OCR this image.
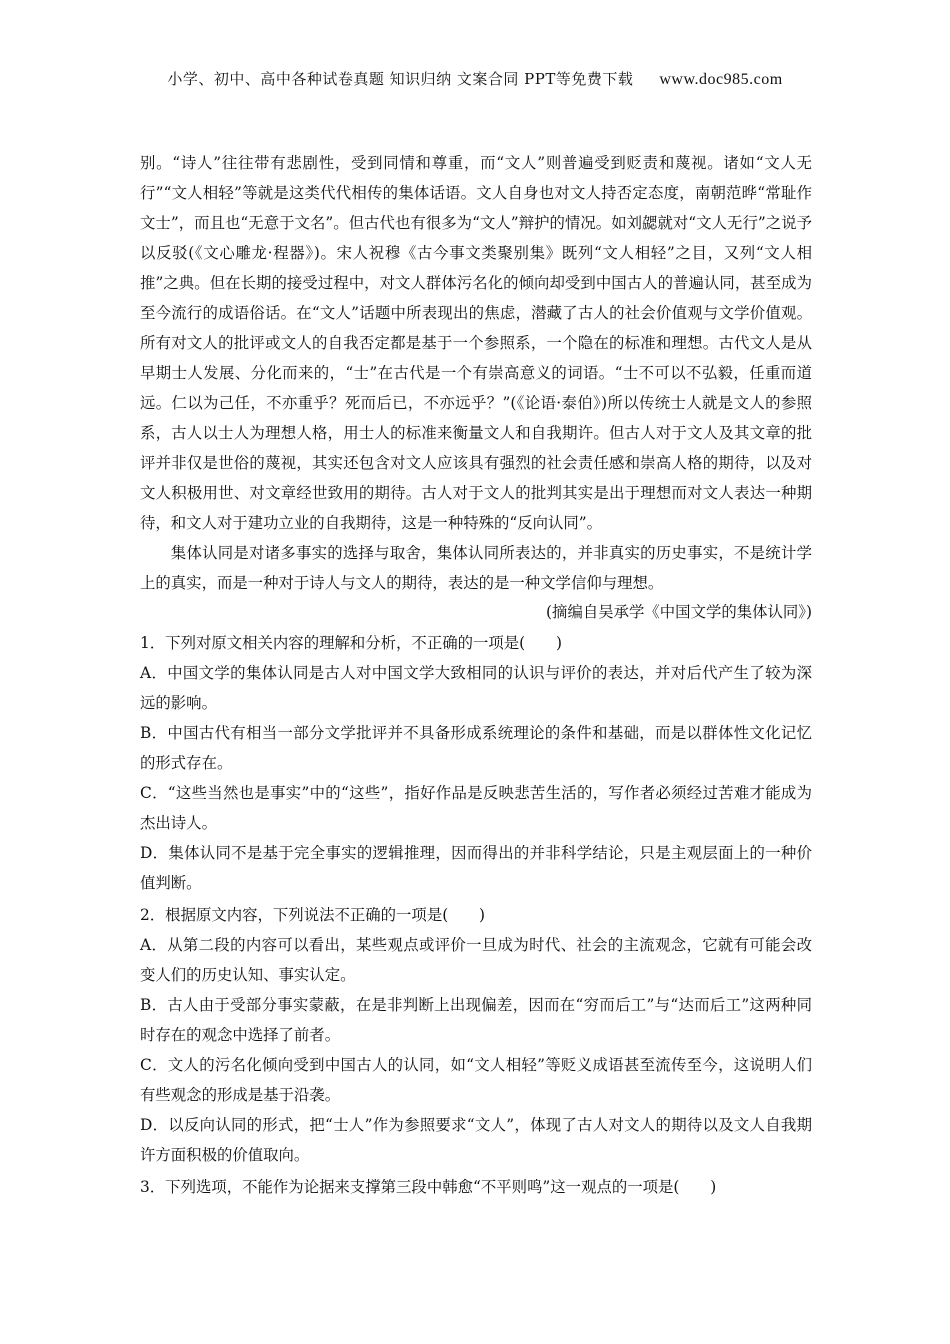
小学、初中、高中各种试卷真题 知识归纳 文案合同 PPT等免费下载 www.doc985.com

别。“诗人”往往带有悲剧性，受到同情和尊重，而“文人”则普遍受到贬责和蔑视。诸如“文人无行”“文人相轻”等就是这类代代相传的集体话语。文人自身也对文人持否定态度，南朝范晔“常耻作文士”，而且也“无意于文名”。但古代也有很多为“文人”辩护的情况。如刘勰就对“文人无行”之说予以反驳(《文心雕龙·程器》)。宋人祝穆《古今事文类聚别集》既列“文人相轻”之目，又列“文人相推”之典。但在长期的接受过程中，对文人群体污名化的倾向却受到中国古人的普遍认同，甚至成为至今流行的成语俗话。在“文人”话题中所表现出的焦虑，潜藏了古人的社会价值观与文学价值观。所有对文人的批评或文人的自我否定都是基于一个参照系，一个隐在的标准和理想。古代文人是从早期士人发展、分化而来的，“士”在古代是一个有崇高意义的词语。“士不可以不弘毅，任重而道远。仁以为己任，不亦重乎？死而后已，不亦远乎？”(《论语·泰伯》)所以传统士人就是文人的参照系，古人以士人为理想人格，用士人的标准来衡量文人和自我期许。但古人对于文人及其文章的批评并非仅是世俗的蔑视，其实还包含对文人应该具有强烈的社会责任感和崇高人格的期待，以及对文人积极用世、对文章经世致用的期待。古人对于文人的批判其实是出于理想而对文人表达一种期待，和文人对于建功立业的自我期待，这是一种特殊的“反向认同”。

集体认同是对诸多事实的选择与取舍，集体认同所表达的，并非真实的历史事实，不是统计学上的真实，而是一种对于诗人与文人的期待，表达的是一种文学信仰与理想。

(摘编自吴承学《中国文学的集体认同》)

1．下列对原文相关内容的理解和分析，不正确的一项是(　　)

A．中国文学的集体认同是古人对中国文学大致相同的认识与评价的表达，并对后代产生了较为深远的影响。

B．中国古代有相当一部分文学批评并不具备形成系统理论的条件和基础，而是以群体性文化记忆的形式存在。

C．“这些当然也是事实”中的“这些”，指好作品是反映悲苦生活的，写作者必须经过苦难才能成为杰出诗人。

D．集体认同不是基于完全事实的逻辑推理，因而得出的并非科学结论，只是主观层面上的一种价值判断。

2．根据原文内容，下列说法不正确的一项是(　　)

A．从第二段的内容可以看出，某些观点或评价一旦成为时代、社会的主流观念，它就有可能会改变人们的历史认知、事实认定。

B．古人由于受部分事实蒙蔽，在是非判断上出现偏差，因而在“穷而后工”与“达而后工”这两种同时存在的观念中选择了前者。

C．文人的污名化倾向受到中国古人的认同，如“文人相轻”等贬义成语甚至流传至今，这说明人们有些观念的形成是基于沿袭。

D．以反向认同的形式，把“士人”作为参照要求“文人”，体现了古人对文人的期待以及文人自我期许方面积极的价值取向。

3．下列选项，不能作为论据来支撑第三段中韩愈“不平则鸣”这一观点的一项是(　　)
